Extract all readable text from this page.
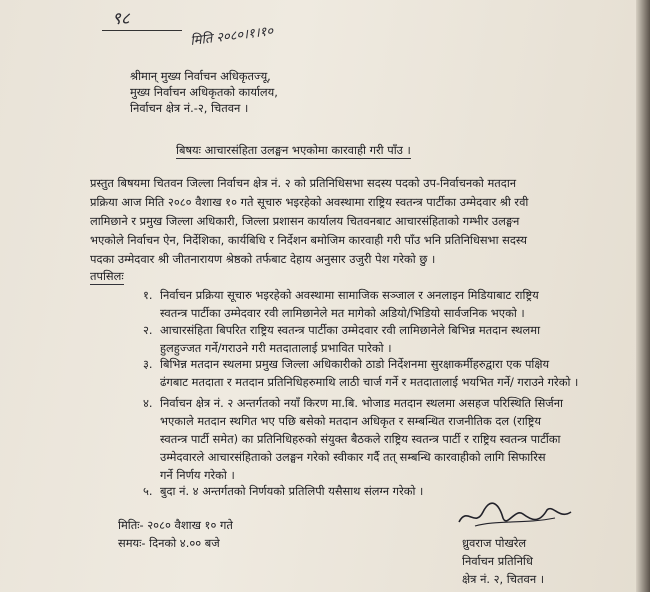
९८
मिति २०८०।१।१०
श्रीमान् मुख्य निर्वाचन अधिकृतज्यू,
मुख्य निर्वाचन अधिकृतको कार्यालय,
निर्वाचन क्षेत्र नं.-२, चितवन ।
बिषयः आचारसंहिता उलङ्घन भएकोमा कारवाही गरी पाँउ ।
प्रस्तुत बिषयमा चितवन जिल्ला निर्वाचन क्षेत्र नं. २ को प्रतिनिधिसभा सदस्य पदको उप-निर्वाचनको मतदान
प्रक्रिया आज मिति २०८० वैशाख १० गते सूचारु भइरहेको अवस्थामा राष्ट्रिय स्वतन्त्र पार्टीका उम्मेदवार श्री रवी
लामिछाने र प्रमुख जिल्ला अधिकारी, जिल्ला प्रशासन कार्यालय चितवनबाट आचारसंहिताको गम्भीर उलङ्घन
भएकोले निर्वाचन ऐन, निर्देशिका, कार्यबिधि र निर्देशन बमोजिम कारवाही गरी पाँउ भनि प्रतिनिधिसभा सदस्य
पदका उम्मेदवार श्री जीतनारायण श्रेष्ठको तर्फबाट देहाय अनुसार उजुरी पेश गरेको छु ।
तपसिलः
१. निर्वाचन प्रक्रिया सूचारु भइरहेको अवस्थामा सामाजिक सञ्जाल र अनलाइन मिडियाबाट राष्ट्रिय
स्वतन्त्र पार्टीका उम्मेदवार रवी लामिछानेले मत मागेको अडियो/भिडियो सार्वजनिक भएको ।
२. आचारसंहिता बिपरित राष्ट्रिय स्वतन्त्र पार्टीका उम्मेदवार रवी लामिछानेले बिभिन्न मतदान स्थलमा
हुलहुज्जत गर्ने/गराउने गरी मतदातालाई प्रभावित पारेको ।
३. बिभिन्न मतदान स्थलमा प्रमुख जिल्ला अधिकारीको ठाडो निर्देशनमा सुरक्षाकर्मीहरुद्वारा एक पक्षिय
ढंगबाट मतदाता र मतदान प्रतिनिधिहरुमाथि लाठी चार्ज गर्ने र मतदातालाई भयभित गर्ने/ गराउने गरेको ।
४. निर्वाचन क्षेत्र नं. २ अन्तर्गतको नयाँ किरण मा.बि. भोजाड मतदान स्थलमा असहज परिस्थिति सिर्जना
भएकाले मतदान स्थगित भए पछि बसेको मतदान अधिकृत र सम्बन्धित राजनीतिक दल (राष्ट्रिय
स्वतन्त्र पार्टी समेत) का प्रतिनिधिहरुको संयुक्त बैठकले राष्ट्रिय स्वतन्त्र पार्टी र राष्ट्रिय स्वतन्त्र पार्टीका
उम्मेदवारले आचारसंहिताको उलङ्घन गरेको स्वीकार गर्दै तत् सम्बन्धि कारवाहीको लागि सिफारिस
गर्ने निर्णय गरेको ।
५. बुदा नं. ४ अन्तर्गतको निर्णयको प्रतिलिपी यसैसाथ संलग्न गरेको ।
मितिः- २०८० वैशाख १० गते
समयः- दिनको ४.०० बजे	ध्रुवराज पोखरेल
निर्वाचन प्रतिनिधि
क्षेत्र नं. २, चितवन ।
